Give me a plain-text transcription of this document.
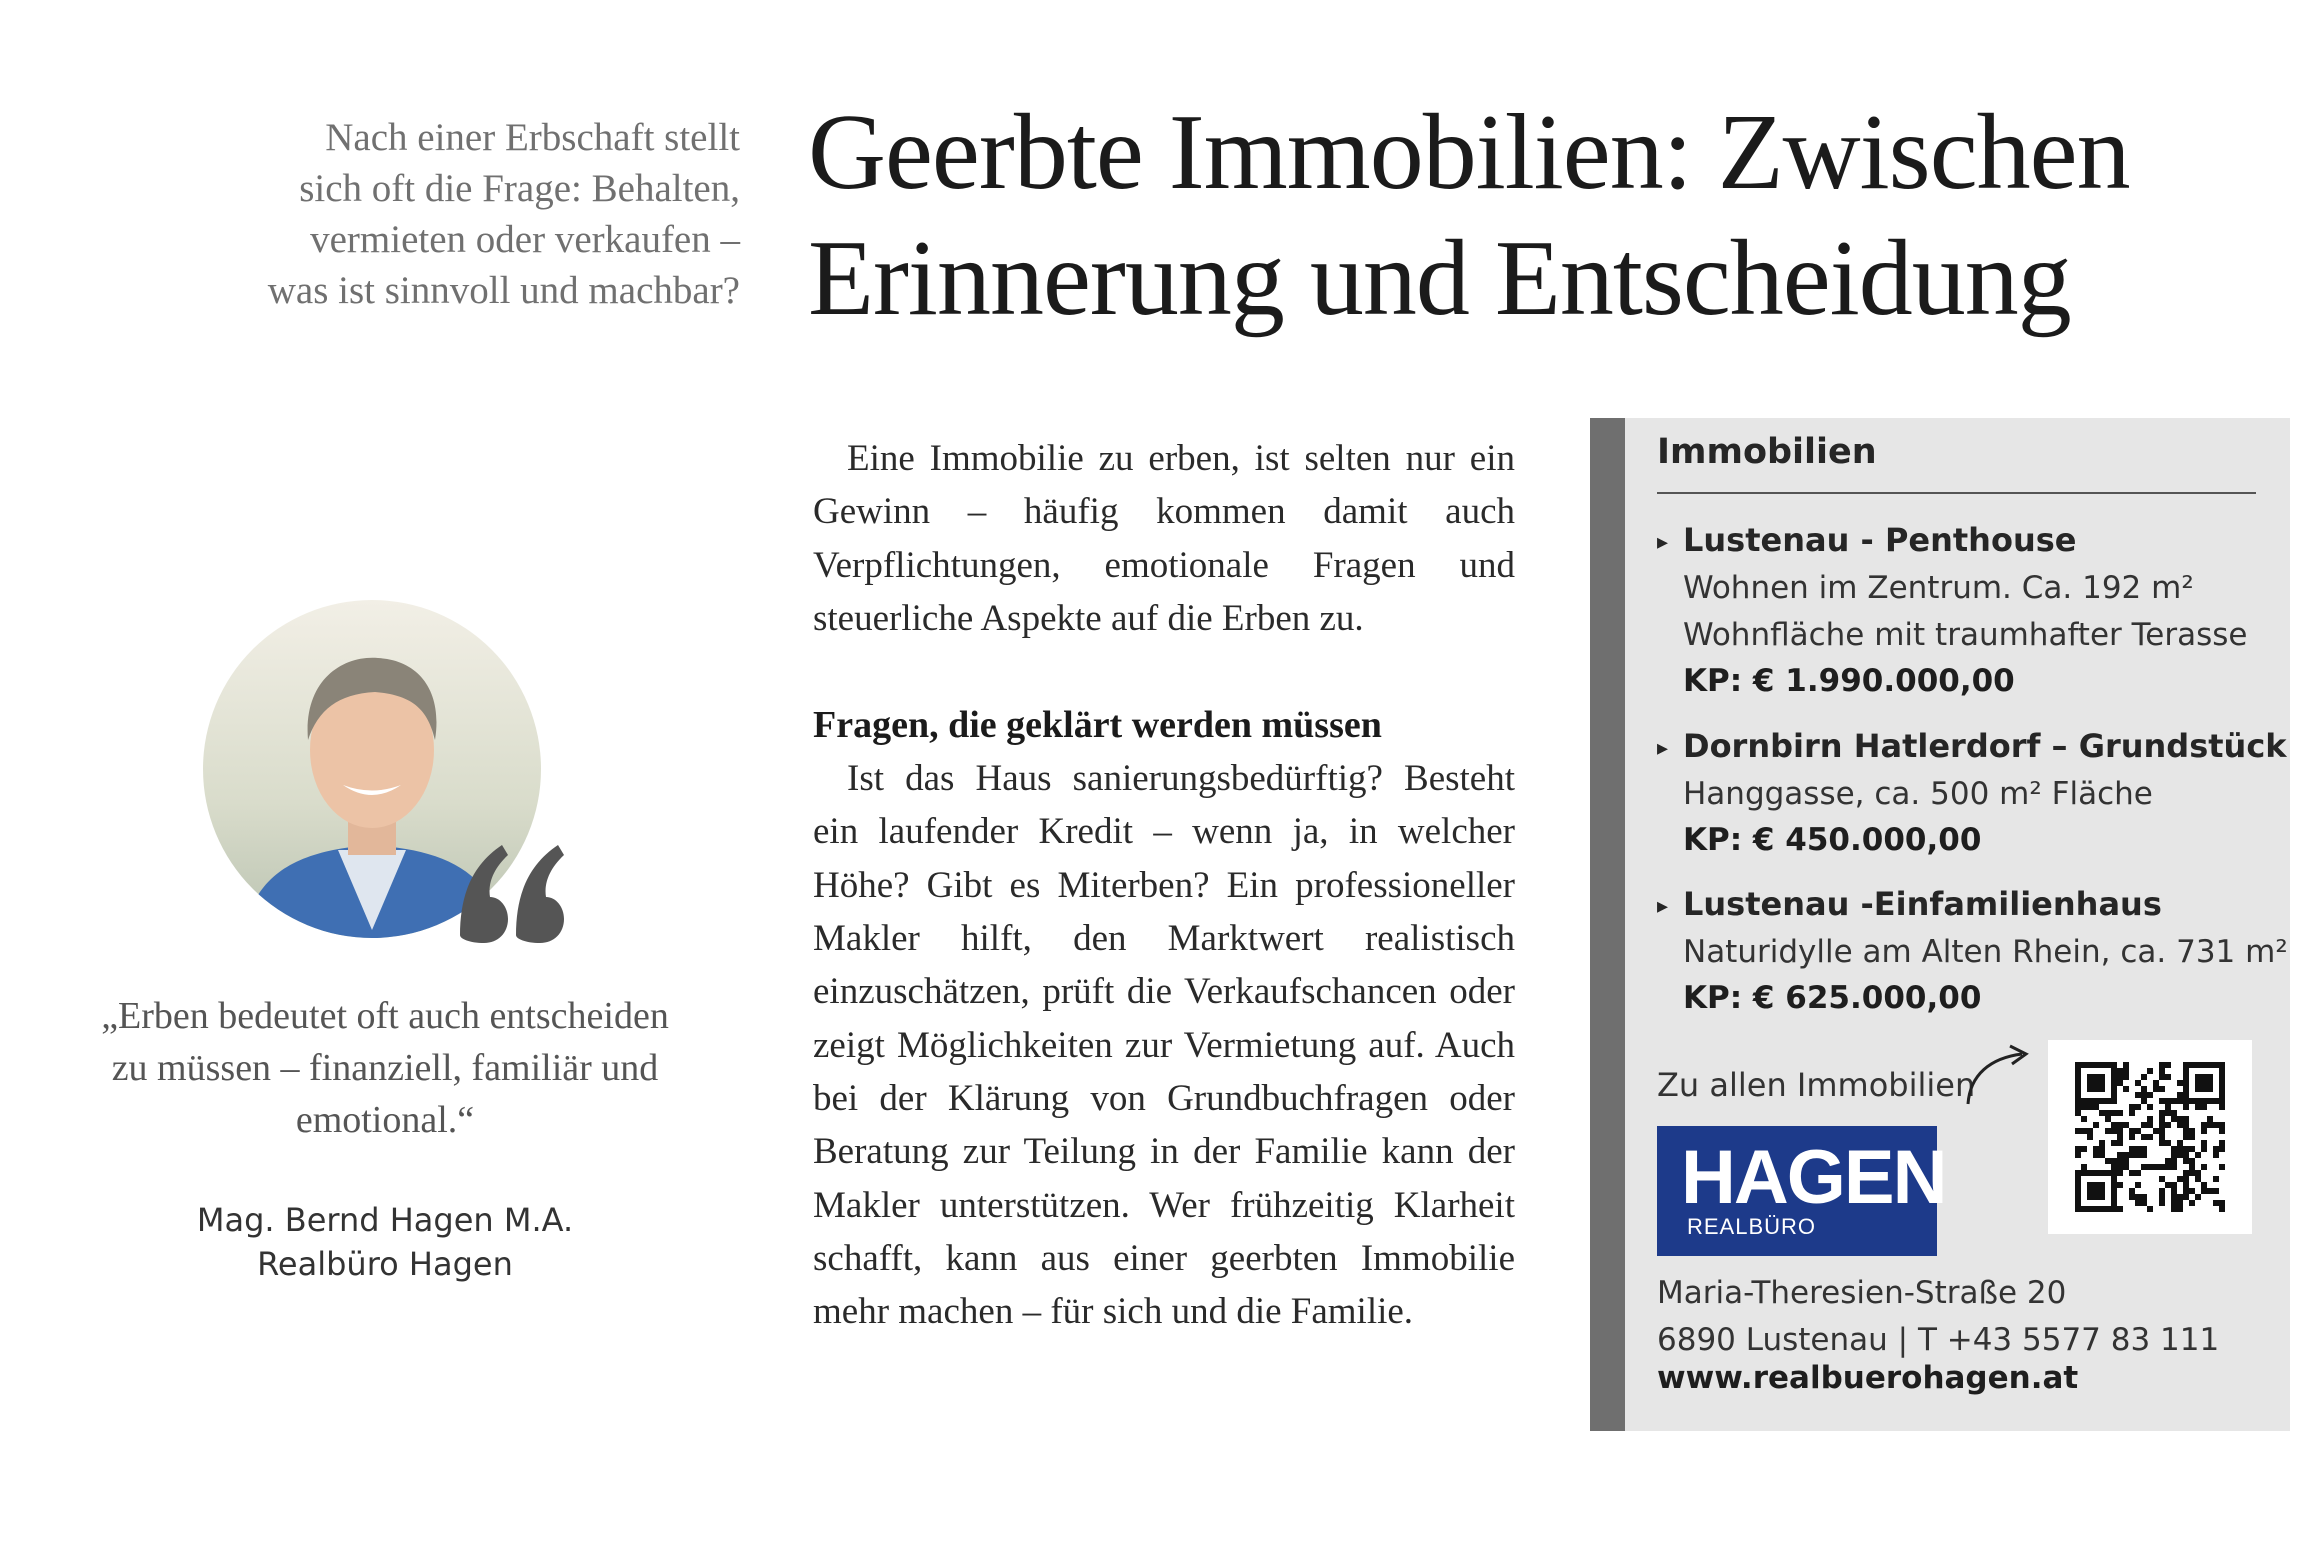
Nach einer Erbschaft stellt
sich oft die Frage: Behalten,
vermieten oder verkaufen –
was ist sinnvoll und machbar?
Geerbte Immobilien: Zwischen
Erinnerung und Entscheidung

Eine Immobilie zu erben, ist selten nur ein Gewinn – häufig kommen damit auch Verpflichtungen, emotionale Fragen und steuerliche Aspekte auf die Erben zu.

Fragen, die geklärt werden müssen

Ist das Haus sanierungsbedürftig? Besteht ein laufender Kredit – wenn ja, in welcher Höhe? Gibt es Miterben? Ein professioneller Makler hilft, den Marktwert realistisch einzuschätzen, prüft die Verkaufschancen oder zeigt Möglichkeiten zur Vermietung auf. Auch bei der Klärung von Grundbuchfragen oder Beratung zur Teilung in der Familie kann der Makler unterstützen. Wer frühzeitig Klarheit schafft, kann aus einer geerbten Immobilie mehr machen – für sich und die Familie.

„Erben bedeutet oft auch entscheiden
zu müssen – finanziell, familiär und
emotional.“
Mag. Bernd Hagen M.A.
Realbüro Hagen
Immobilien
▸ Lustenau - Penthouse
Wohnen im Zentrum. Ca. 192 m²
Wohnfläche mit traumhafter Terasse
KP: € 1.990.000,00
▸ Dornbirn Hatlerdorf – Grundstück
Hanggasse, ca. 500 m² Fläche
KP: € 450.000,00
▸ Lustenau -Einfamilienhaus
Naturidylle am Alten Rhein, ca. 731 m²
KP: € 625.000,00
Zu allen Immobilien
HAGEN
REALBÜRO
Maria-Theresien-Straße 20
6890 Lustenau | T +43 5577 83 111
www.realbuerohagen.at
